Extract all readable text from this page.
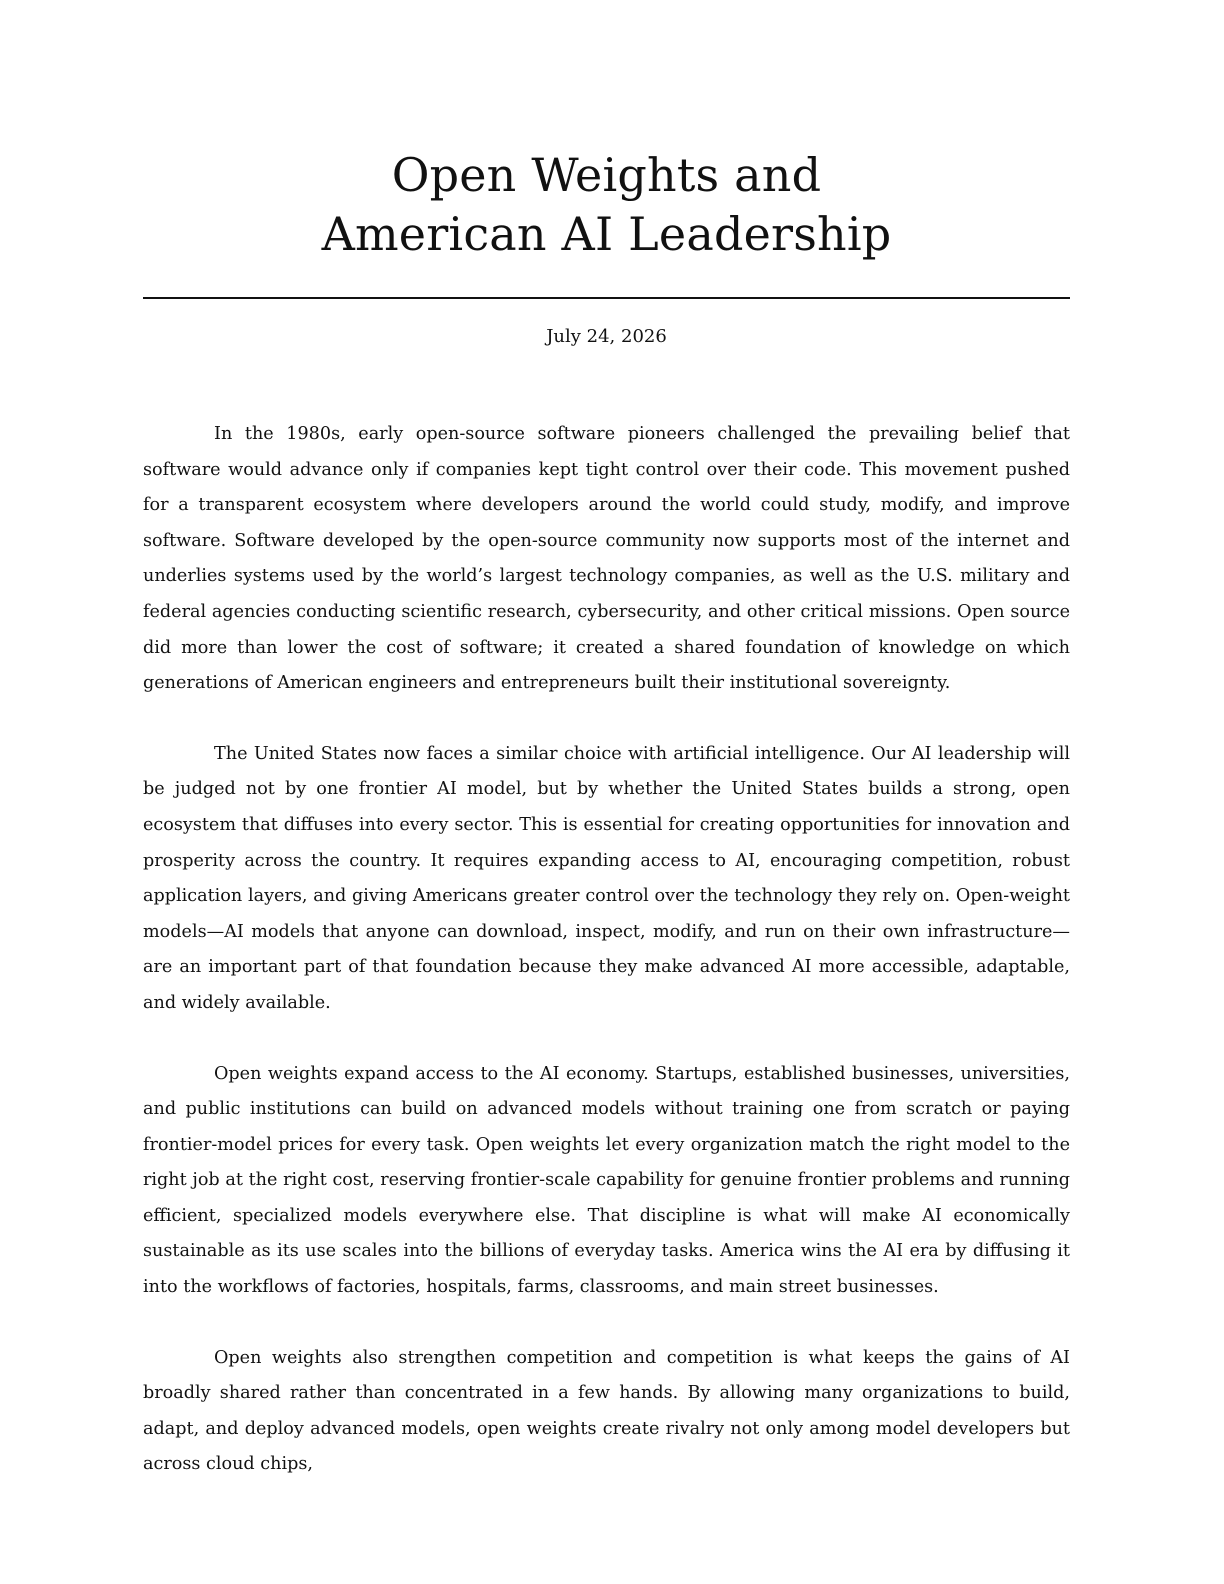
Open Weights and
American AI Leadership
July 24, 2026

In the 1980s, early open-source software pioneers challenged the prevailing belief that software would advance only if companies kept tight control over their code. This movement pushed for a transparent ecosystem where developers around the world could study, modify, and improve software. Software developed by the open-source community now supports most of the internet and underlies systems used by the world’s largest technology companies, as well as the U.S. military and federal agencies conducting scientific research, cybersecurity, and other critical missions. Open source did more than lower the cost of software; it created a shared foundation of knowledge on which generations of American engineers and entrepreneurs built their institutional sovereignty.

The United States now faces a similar choice with artificial intelligence. Our AI leadership will be judged not by one frontier AI model, but by whether the United States builds a strong, open ecosystem that diffuses into every sector. This is essential for creating opportunities for innovation and prosperity across the country. It requires expanding access to AI, encouraging competition, robust application layers, and giving Americans greater control over the technology they rely on. Open-weight models—AI models that anyone can download, inspect, modify, and run on their own infrastructure—are an important part of that foundation because they make advanced AI more accessible, adaptable, and widely available.

Open weights expand access to the AI economy. Startups, established businesses, universities, and public institutions can build on advanced models without training one from scratch or paying frontier-model prices for every task. Open weights let every organization match the right model to the right job at the right cost, reserving frontier-scale capability for genuine frontier problems and running efficient, specialized models everywhere else. That discipline is what will make AI economically sustainable as its use scales into the billions of everyday tasks. America wins the AI era by diffusing it into the workflows of factories, hospitals, farms, classrooms, and main street businesses.

Open weights also strengthen competition and competition is what keeps the gains of AI broadly shared rather than concentrated in a few hands. By allowing many organizations to build, adapt, and deploy advanced models, open weights create rivalry not only among model developers but across cloud chips,
